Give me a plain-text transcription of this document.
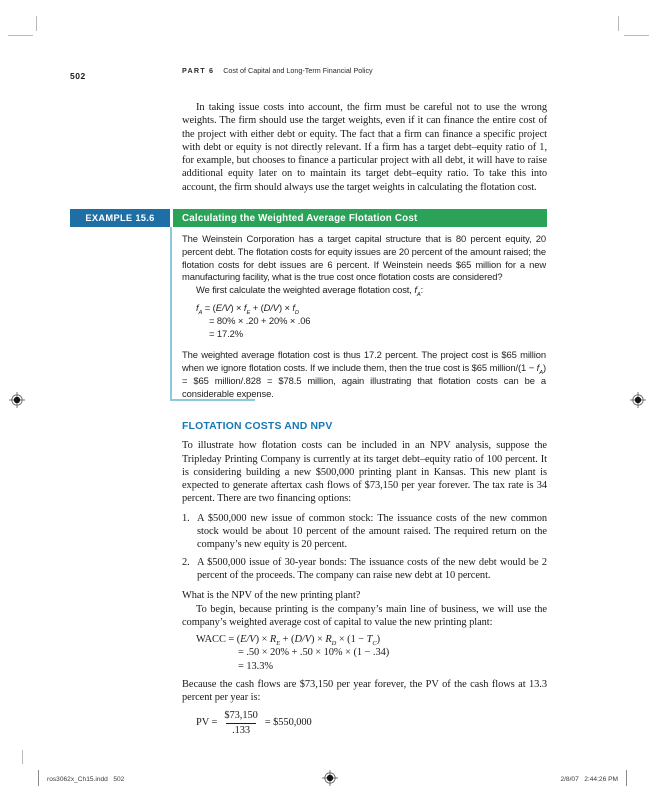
502
PART 6 Cost of Capital and Long-Term Financial Policy

In taking issue costs into account, the firm must be careful not to use the wrong weights. The firm should use the target weights, even if it can finance the entire cost of the project with either debt or equity. The fact that a firm can finance a specific project with debt or equity is not directly relevant. If a firm has a target debt–equity ratio of 1, for example, but chooses to finance a particular project with all debt, it will have to raise additional equity later on to maintain its target debt–equity ratio. To take this into account, the firm should always use the target weights in calculating the flotation cost.

EXAMPLE 15.6	Calculating the Weighted Average Flotation Cost
The Weinstein Corporation has a target capital structure that is 80 percent equity, 20 percent debt. The flotation costs for equity issues are 20 percent of the amount raised; the flotation costs for debt issues are 6 percent. If Weinstein needs $65 million for a new manufacturing facility, what is the true cost once flotation costs are considered?
We first calculate the weighted average flotation cost, $f_A$:
$f_A = (E/V) \times f_E + (D/V) \times f_D$
= 80% × .20 + 20% × .06
= 17.2%
The weighted average flotation cost is thus 17.2 percent. The project cost is $65 million when we ignore flotation costs. If we include them, then the true cost is $65 million/(1 − $f_A$) = $65 million/.828 = $78.5 million, again illustrating that flotation costs can be a considerable expense.
FLOTATION COSTS AND NPV
To illustrate how flotation costs can be included in an NPV analysis, suppose the Tripleday Printing Company is currently at its target debt–equity ratio of 100 percent. It is considering building a new $500,000 printing plant in Kansas. This new plant is expected to generate aftertax cash flows of $73,150 per year forever. The tax rate is 34 percent. There are two financing options:
1. A $500,000 new issue of common stock: The issuance costs of the new common stock would be about 10 percent of the amount raised. The required return on the company’s new equity is 20 percent.
2. A $500,000 issue of 30-year bonds: The issuance costs of the new debt would be 2 percent of the proceeds. The company can raise new debt at 10 percent.
What is the NPV of the new printing plant?
To begin, because printing is the company’s main line of business, we will use the company’s weighted average cost of capital to value the new printing plant:
WACC = $(E/V) \times R_E + (D/V) \times R_D \times (1 - T_C)$
= .50 × 20% + .50 × 10% × (1 − .34)
= 13.3%
Because the cash flows are $73,150 per year forever, the PV of the cash flows at 13.3 percent per year is:
PV = $\frac{\$73,150}{.133}$ = $550,000
ros3062x_Ch15.indd   502	2/8/07   2:44:26 PM
